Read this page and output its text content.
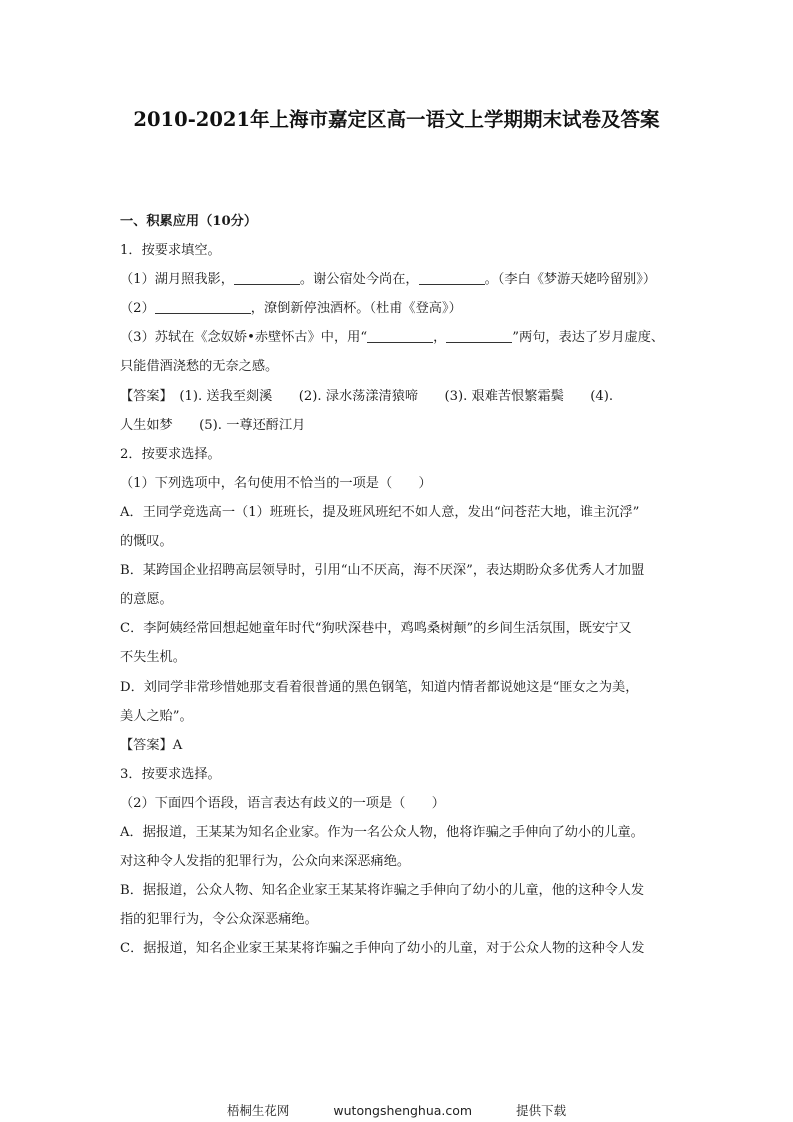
2010-2021年上海市嘉定区高一语文上学期期末试卷及答案
一、积累应用（10分）
1．按要求填空。
（1）湖月照我影，	。谢公宿处今尚在，	。（李白《梦游天姥吟留别》）
（2）	，潦倒新停浊酒杯。（杜甫《登高》）
（3）苏轼在《念奴娇•赤壁怀古》中，用“	，	”两句，表达了岁月虚度、
只能借酒浇愁的无奈之感。
【答案】　(1). 送我至剡溪　　(2). 渌水荡漾清猿啼　　(3). 艰难苦恨繁霜鬓　　(4).
人生如梦　　(5). 一尊还酹江月
2．按要求选择。
（1）下列选项中，名句使用不恰当的一项是（　　）
A．王同学竞选高一（1）班班长，提及班风班纪不如人意，发出“问苍茫大地，谁主沉浮”
的慨叹。
B．某跨国企业招聘高层领导时，引用“山不厌高，海不厌深”，表达期盼众多优秀人才加盟
的意愿。
C．李阿姨经常回想起她童年时代“狗吠深巷中，鸡鸣桑树颠”的乡间生活氛围，既安宁又
不失生机。
D．刘同学非常珍惜她那支看着很普通的黑色钢笔，知道内情者都说她这是“匪女之为美，
美人之贻”。
【答案】A
3．按要求选择。
（2）下面四个语段，语言表达有歧义的一项是（　　）
A．据报道，王某某为知名企业家。作为一名公众人物，他将诈骗之手伸向了幼小的儿童。
对这种令人发指的犯罪行为，公众向来深恶痛绝。
B．据报道，公众人物、知名企业家王某某将诈骗之手伸向了幼小的儿童，他的这种令人发
指的犯罪行为，令公众深恶痛绝。
C．据报道，知名企业家王某某将诈骗之手伸向了幼小的儿童，对于公众人物的这种令人发
梧桐生花网	wutongshenghua.com	提供下载
